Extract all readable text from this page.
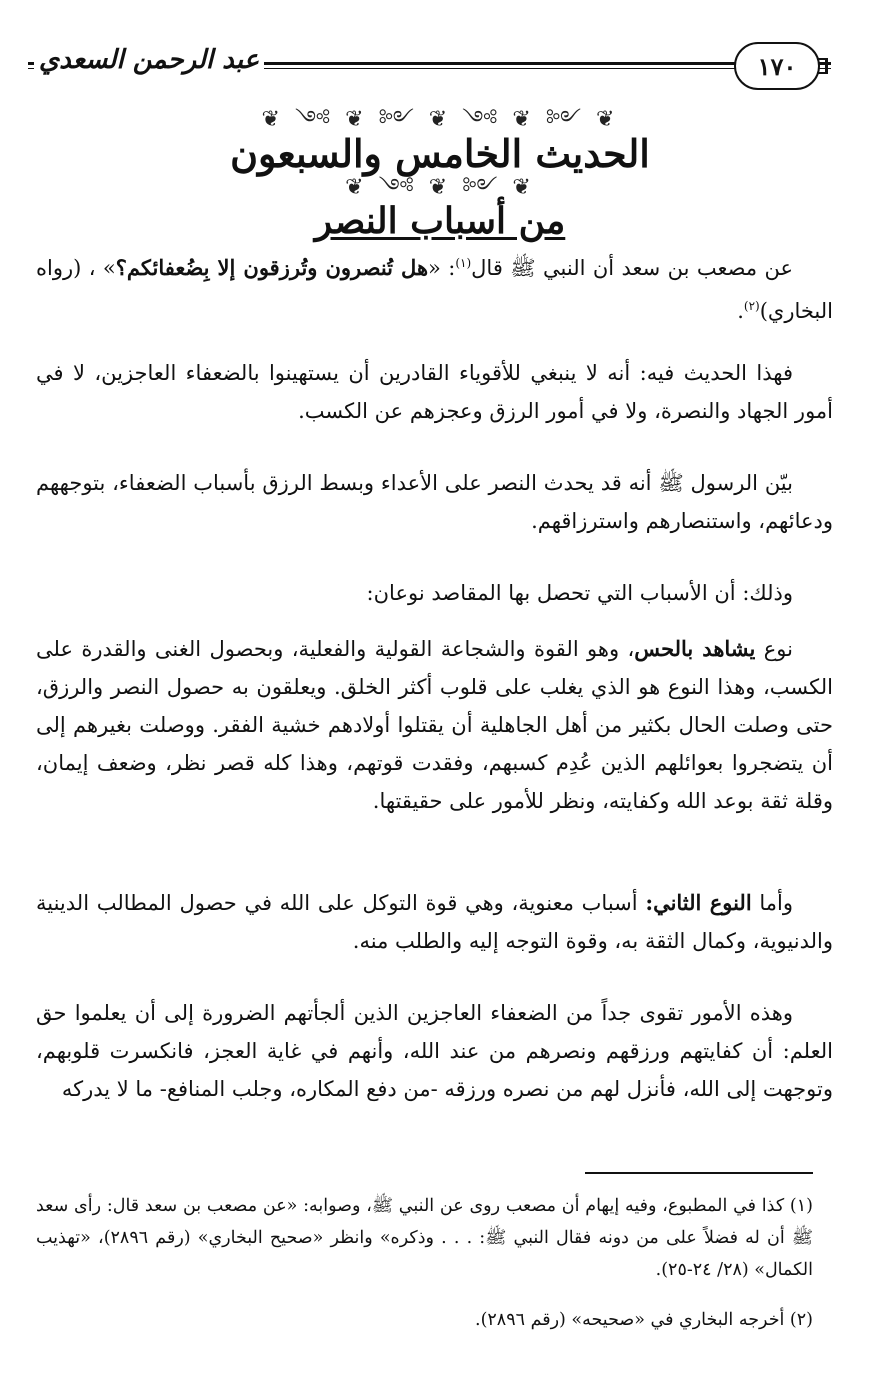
١٧٠
عبد الرحمن السعدي
❦ ༺ ❦ ༻ ❦ ༺ ❦ ༻ ❦
الحديث الخامس والسبعون
❦ ༺ ❦ ༻ ❦
من أسباب النصر

عن مصعب بن سعد أن النبي ﷺ قال$^{(١)}$: «هل تُنصرون وتُرزقون إلا بِضُعفائكم؟» ، (رواه البخاري)$^{(٢)}$.

فهذا الحديث فيه: أنه لا ينبغي للأقوياء القادرين أن يستهينوا بالضعفاء العاجزين، لا في أمور الجهاد والنصرة، ولا في أمور الرزق وعجزهم عن الكسب.

بيّن الرسول ﷺ أنه قد يحدث النصر على الأعداء وبسط الرزق بأسباب الضعفاء، بتوجههم ودعائهم، واستنصارهم واسترزاقهم.

وذلك: أن الأسباب التي تحصل بها المقاصد نوعان:

نوع يشاهد بالحس، وهو القوة والشجاعة القولية والفعلية، وبحصول الغنى والقدرة على الكسب، وهذا النوع هو الذي يغلب على قلوب أكثر الخلق. ويعلقون به حصول النصر والرزق، حتى وصلت الحال بكثير من أهل الجاهلية أن يقتلوا أولادهم خشية الفقر. ووصلت بغيرهم إلى أن يتضجروا بعوائلهم الذين عُدِم كسبهم، وفقدت قوتهم، وهذا كله قصر نظر، وضعف إيمان، وقلة ثقة بوعد الله وكفايته، ونظر للأمور على حقيقتها.

وأما النوع الثاني: أسباب معنوية، وهي قوة التوكل على الله في حصول المطالب الدينية والدنيوية، وكمال الثقة به، وقوة التوجه إليه والطلب منه.

وهذه الأمور تقوى جداً من الضعفاء العاجزين الذين ألجأتهم الضرورة إلى أن يعلموا حق العلم: أن كفايتهم ورزقهم ونصرهم من عند الله، وأنهم في غاية العجز، فانكسرت قلوبهم، وتوجهت إلى الله، فأنزل لهم من نصره ورزقه -من دفع المكاره، وجلب المنافع- ما لا يدركه

(١) كذا في المطبوع، وفيه إيهام أن مصعب روى عن النبي ﷺ، وصوابه: «عن مصعب بن سعد قال: رأى سعد ﷺ أن له فضلاً على من دونه فقال النبي ﷺ: . . . وذكره» وانظر «صحيح البخاري» (رقم ٢٨٩٦)، «تهذيب الكمال» (٢٨/ ٢٤-٢٥).

(٢) أخرجه البخاري في «صحيحه» (رقم ٢٨٩٦).
